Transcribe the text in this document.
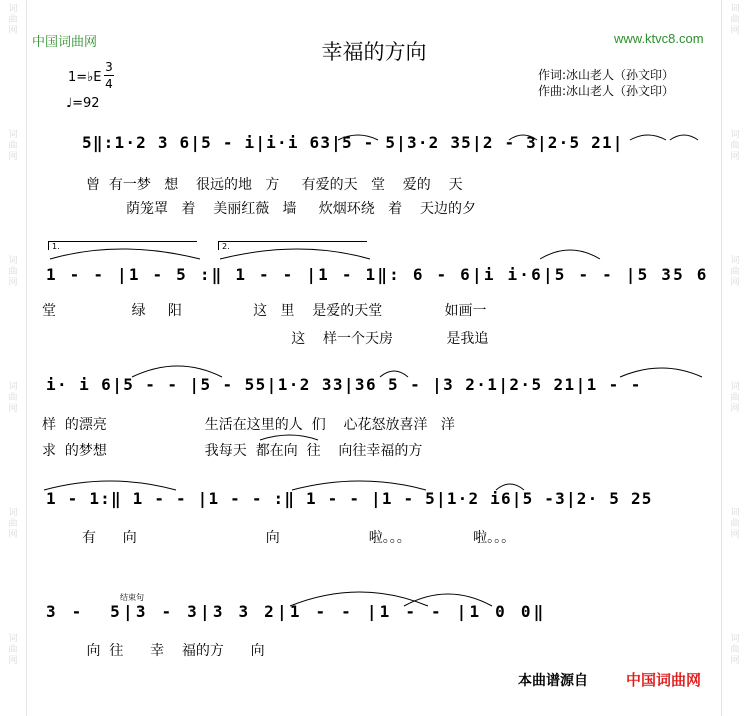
词
曲
网
词
曲
网
词
曲
网
词
曲
网
词
曲
网
词
曲
网
词
曲
网
词
曲
网
词
曲
网
词
曲
网
词
曲
网
词
曲
网
中国词曲网	www.ktvc8.com
幸福的方向
作词:冰山老人（孙文印）
作曲:冰山老人（孙文印）
1=♭E
3
4
♩=92
5‖:1·2 3 6|5 - i|i·i 63|5 - 5|3·2 35|2 - 3|2·5 21|
曾  有一梦   想    很远的地   方     有爱的天   堂    爱的    天
荫笼罩   着    美丽红薇   墙     炊烟环绕   着    天边的夕
1.	2.
1 - - |1 - 5 :‖ 1 - - |1 - 1‖: 6 - 6|i i·6|5 - - |5 35 6
堂                 绿     阳                这   里    是爱的天堂              如画一
这    样一个天房            是我追
i· i 6|5 - - |5 - 55|1·2 33|36 5 - |3 2·1|2·5 21|1 - -
样  的漂亮                      生活在这里的人  们    心花怒放喜洋   洋
求  的梦想                      我每天  都在向  往    向往幸福的方
1 - 1:‖ 1 - - |1 - - :‖ 1 - - |1 - 5|1·2 i6|5 -3|2· 5 25
有      向                             向                    啦。。。              啦。。。
结束句
3 -  5|3 - 3|3 3 2|1 - - |1 - - |1 0 0‖
向  往      幸    福的方      向
本曲谱源自	中国词曲网
